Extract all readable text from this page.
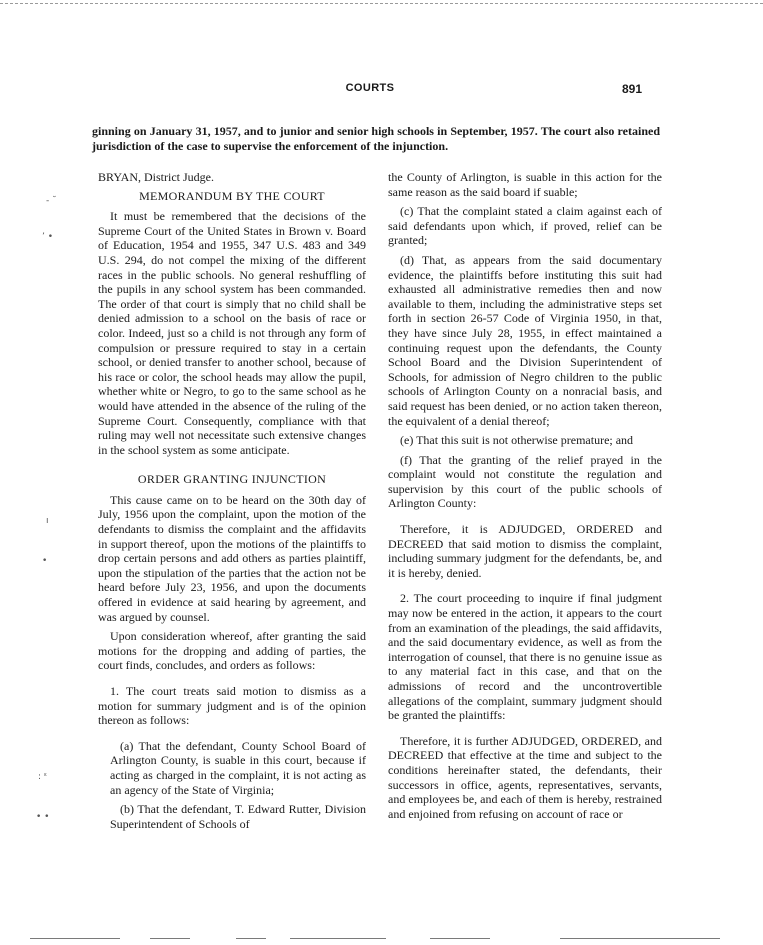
COURTS	891
ginning on January 31, 1957, and to junior and senior high schools in September, 1957. The court also retained jurisdiction of the case to supervise the enforcement of the injunction.

BRYAN, District Judge.

MEMORANDUM BY THE COURT

It must be remembered that the decisions of the Supreme Court of the United States in Brown v. Board of Education, 1954 and 1955, 347 U.S. 483 and 349 U.S. 294, do not compel the mixing of the different races in the public schools. No general reshuffling of the pupils in any school system has been commanded. The order of that court is simply that no child shall be denied admission to a school on the basis of race or color. Indeed, just so a child is not through any form of compulsion or pressure required to stay in a certain school, or denied transfer to another school, because of his race or color, the school heads may allow the pupil, whether white or Negro, to go to the same school as he would have attended in the absence of the ruling of the Supreme Court. Consequently, compliance with that ruling may well not necessitate such extensive changes in the school system as some anticipate.

ORDER GRANTING INJUNCTION

This cause came on to be heard on the 30th day of July, 1956 upon the complaint, upon the motion of the defendants to dismiss the complaint and the affidavits in support thereof, upon the motions of the plaintiffs to drop certain persons and add others as parties plaintiff, upon the stipulation of the parties that the action not be heard before July 23, 1956, and upon the documents offered in evidence at said hearing by agreement, and was argued by counsel.

Upon consideration whereof, after granting the said motions for the dropping and adding of parties, the court finds, concludes, and orders as follows:

1. The court treats said motion to dismiss as a motion for summary judgment and is of the opinion thereon as follows:

(a) That the defendant, County School Board of Arlington County, is suable in this court, because if acting as charged in the complaint, it is not acting as an agency of the State of Virginia;

(b) That the defendant, T. Edward Rutter, Division Superintendent of Schools of

the County of Arlington, is suable in this action for the same reason as the said board if suable;

(c) That the complaint stated a claim against each of said defendants upon which, if proved, relief can be granted;

(d) That, as appears from the said documentary evidence, the plaintiffs before instituting this suit had exhausted all administrative remedies then and now available to them, including the administrative steps set forth in section 26-57 Code of Virginia 1950, in that, they have since July 28, 1955, in effect maintained a continuing request upon the defendants, the County School Board and the Division Superintendent of Schools, for admission of Negro children to the public schools of Arlington County on a nonracial basis, and said request has been denied, or no action taken thereon, the equivalent of a denial thereof;

(e) That this suit is not otherwise premature; and

(f) That the granting of the relief prayed in the complaint would not constitute the regulation and supervision by this court of the public schools of Arlington County:

Therefore, it is ADJUDGED, ORDERED and DECREED that said motion to dismiss the complaint, including summary judgment for the defendants, be, and it is hereby, denied.

2. The court proceeding to inquire if final judgment may now be entered in the action, it appears to the court from an examination of the pleadings, the said affidavits, and the said documentary evidence, as well as from the interrogation of counsel, that there is no genuine issue as to any material fact in this case, and that on the admissions of record and the uncontrovertible allegations of the complaint, summary judgment should be granted the plaintiffs:

Therefore, it is further ADJUDGED, ORDERED, and DECREED that effective at the time and subject to the conditions hereinafter stated, the defendants, their successors in office, agents, representatives, servants, and employees be, and each of them is hereby, restrained and enjoined from refusing on account of race or

- ˘
ʼ •
ı
•
: ᵋ
• •
